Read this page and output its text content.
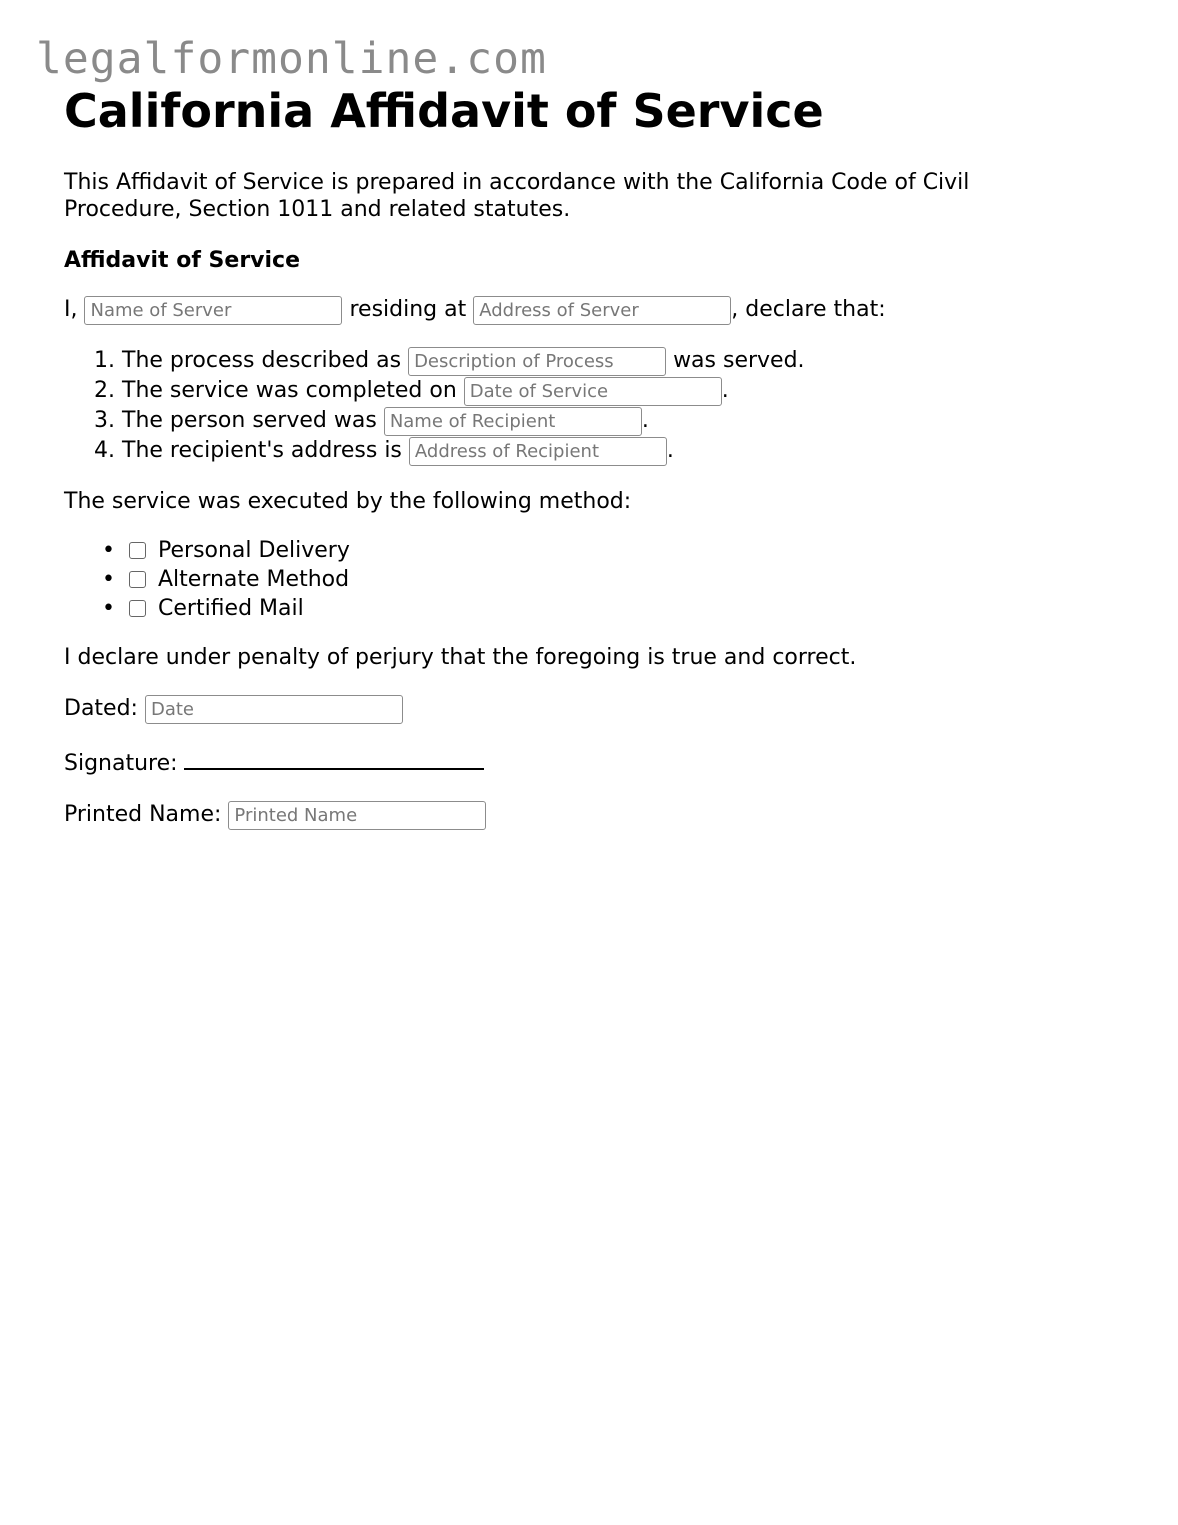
legalformonline.com
California Affidavit of Service

This Affidavit of Service is prepared in accordance with the California Code of Civil Procedure, Section 1011 and related statutes.

Affidavit of Service

I, Name of Server	residing at Address of Server	, declare that:

1. The process described as Description of Process	was served.
2. The service was completed on Date of Service	.
3. The person served was Name of Recipient	.
4. The recipient's address is Address of Recipient	.

The service was executed by the following method:

• Personal Delivery
• Alternate Method
• Certified Mail

I declare under penalty of perjury that the foregoing is true and correct.

Dated: Date

Signature:

Printed Name: Printed Name
